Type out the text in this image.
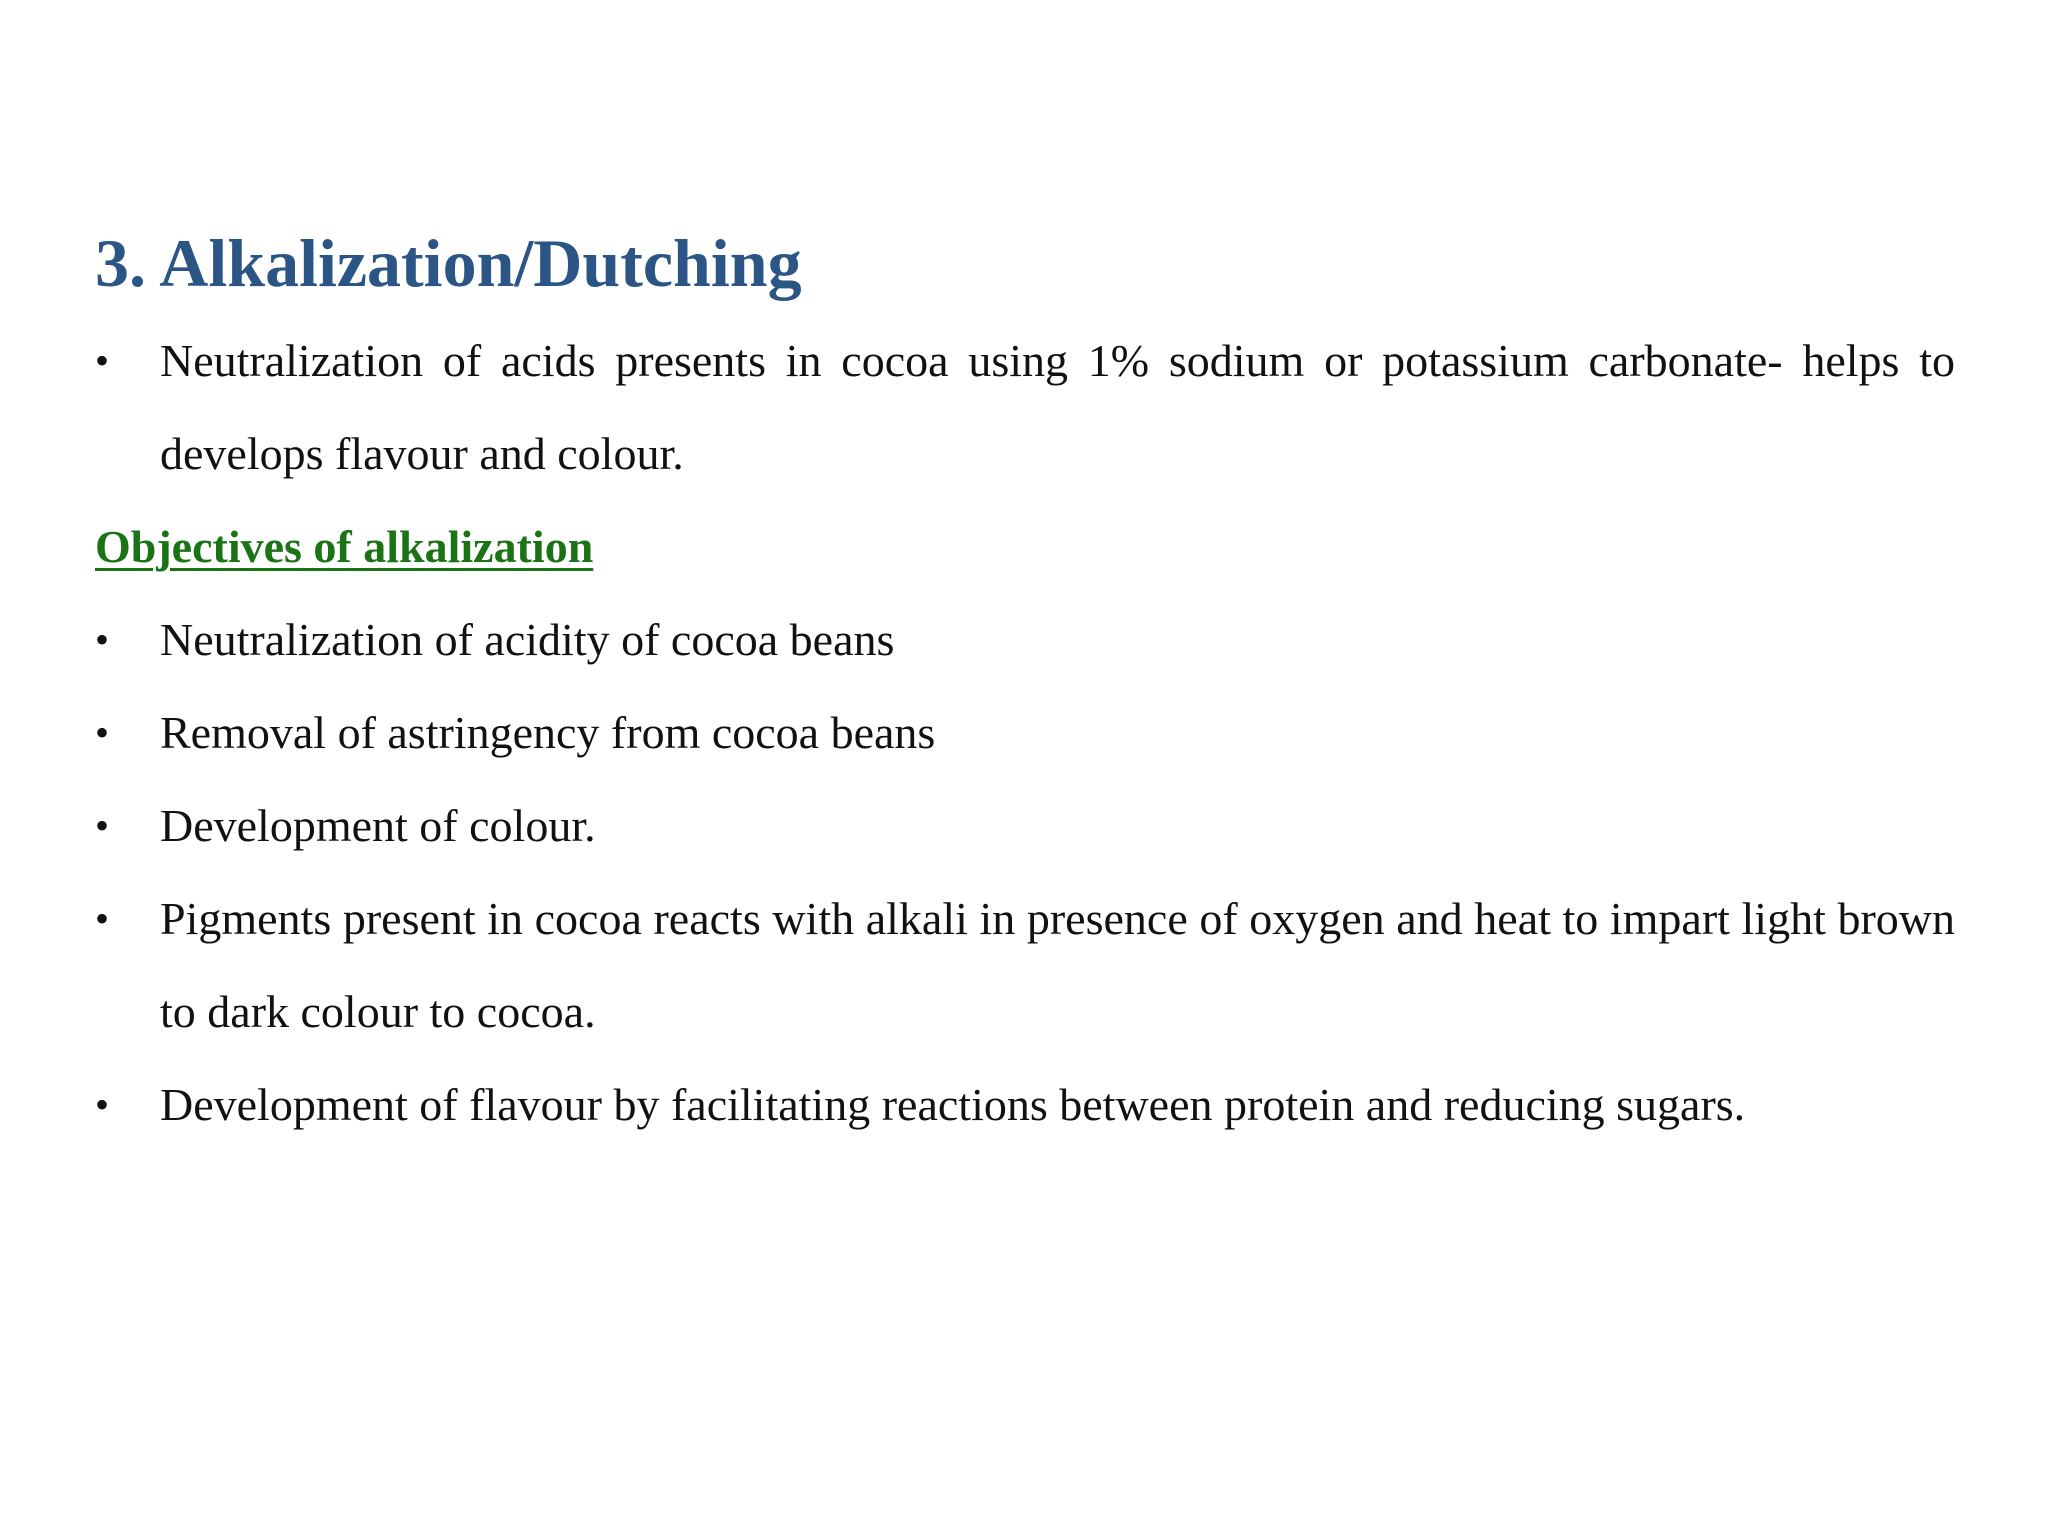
3. Alkalization/Dutching
•	Neutralization of acids presents in cocoa using 1% sodium or potassium carbonate- helps to develops flavour and colour.
Objectives of alkalization
•	Neutralization of acidity of cocoa beans
•	Removal of astringency from cocoa beans
•	Development of colour.
•	Pigments present in cocoa reacts with alkali in presence of oxygen and heat to impart light brown to dark colour to cocoa.
•	Development of flavour by facilitating reactions between protein and reducing sugars.
